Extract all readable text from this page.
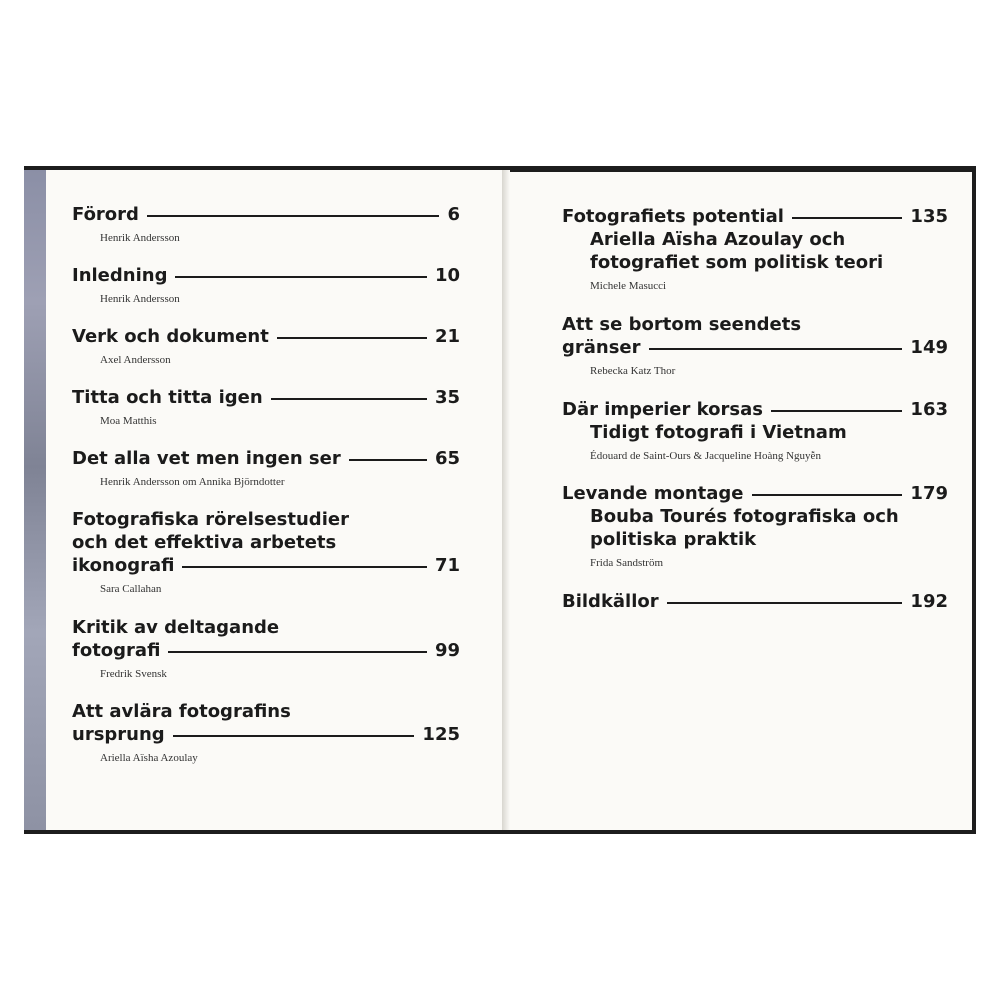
Förord	6
Henrik Andersson
Inledning	10
Henrik Andersson
Verk och dokument	21
Axel Andersson
Titta och titta igen	35
Moa Matthis
Det alla vet men ingen ser	65
Henrik Andersson om Annika Björndotter
Fotografiska rörelsestudier
och det effektiva arbetets
ikonografi	71
Sara Callahan
Kritik av deltagande
fotografi	99
Fredrik Svensk
Att avlära fotografins
ursprung	125
Ariella Aïsha Azoulay
Fotografiets potential	135
Ariella Aïsha Azoulay och
fotografiet som politisk teori
Michele Masucci
Att se bortom seendets
gränser	149
Rebecka Katz Thor
Där imperier korsas	163
Tidigt fotografi i Vietnam
Édouard de Saint-Ours & Jacqueline Hoàng Nguyễn
Levande montage	179
Bouba Tourés fotografiska och
politiska praktik
Frida Sandström
Bildkällor	192
